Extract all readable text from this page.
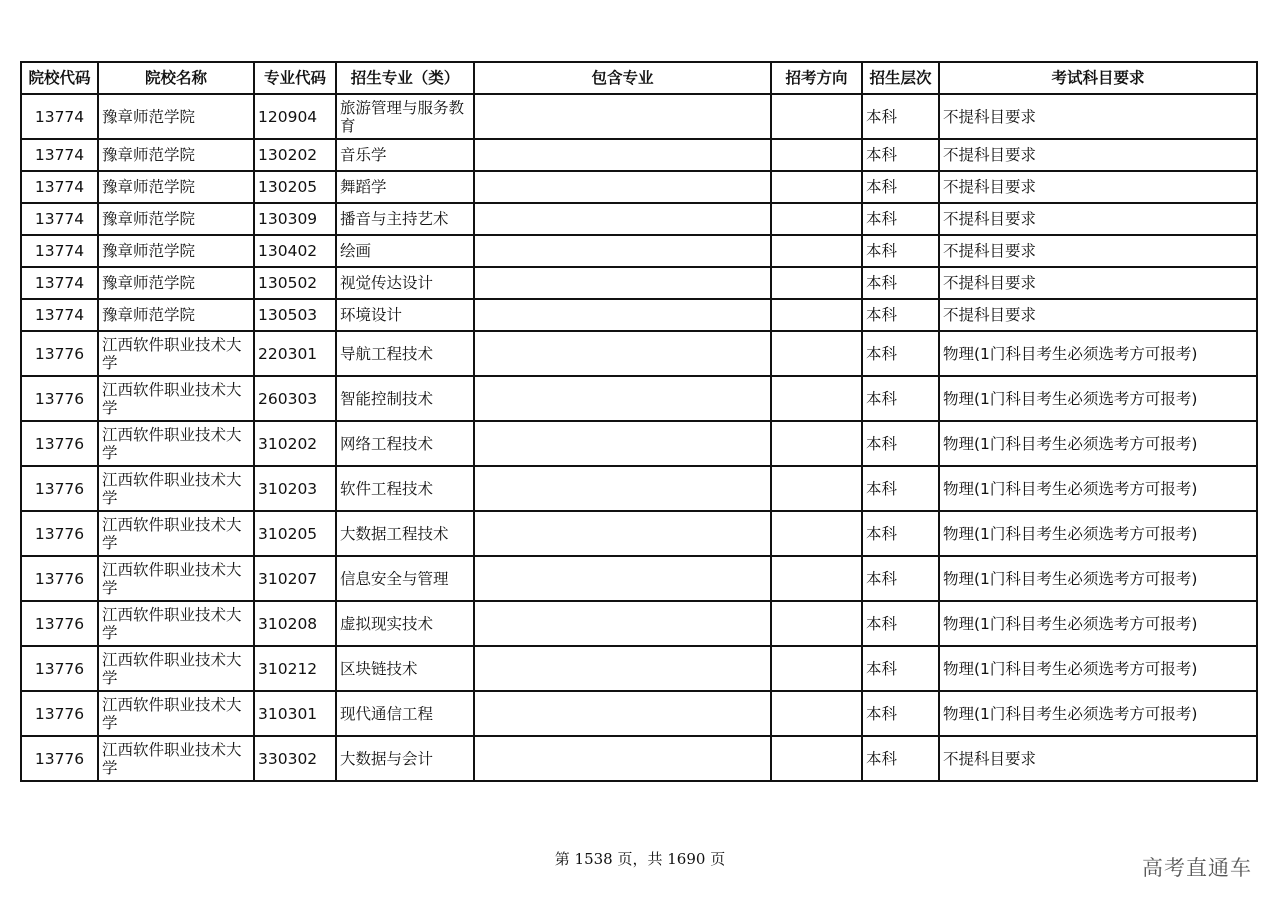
院校代码	院校名称	专业代码	招生专业（类）	包含专业	招考方向	招生层次	考试科目要求
13774	豫章师范学院	120904	旅游管理与服务教育			本科	不提科目要求
13774	豫章师范学院	130202	音乐学			本科	不提科目要求
13774	豫章师范学院	130205	舞蹈学			本科	不提科目要求
13774	豫章师范学院	130309	播音与主持艺术			本科	不提科目要求
13774	豫章师范学院	130402	绘画			本科	不提科目要求
13774	豫章师范学院	130502	视觉传达设计			本科	不提科目要求
13774	豫章师范学院	130503	环境设计			本科	不提科目要求
13776	江西软件职业技术大学	220301	导航工程技术			本科	物理(1门科目考生必须选考方可报考)
13776	江西软件职业技术大学	260303	智能控制技术			本科	物理(1门科目考生必须选考方可报考)
13776	江西软件职业技术大学	310202	网络工程技术			本科	物理(1门科目考生必须选考方可报考)
13776	江西软件职业技术大学	310203	软件工程技术			本科	物理(1门科目考生必须选考方可报考)
13776	江西软件职业技术大学	310205	大数据工程技术			本科	物理(1门科目考生必须选考方可报考)
13776	江西软件职业技术大学	310207	信息安全与管理			本科	物理(1门科目考生必须选考方可报考)
13776	江西软件职业技术大学	310208	虚拟现实技术			本科	物理(1门科目考生必须选考方可报考)
13776	江西软件职业技术大学	310212	区块链技术			本科	物理(1门科目考生必须选考方可报考)
13776	江西软件职业技术大学	310301	现代通信工程			本科	物理(1门科目考生必须选考方可报考)
13776	江西软件职业技术大学	330302	大数据与会计			本科	不提科目要求
第 1538 页，共 1690 页	高考直通车
